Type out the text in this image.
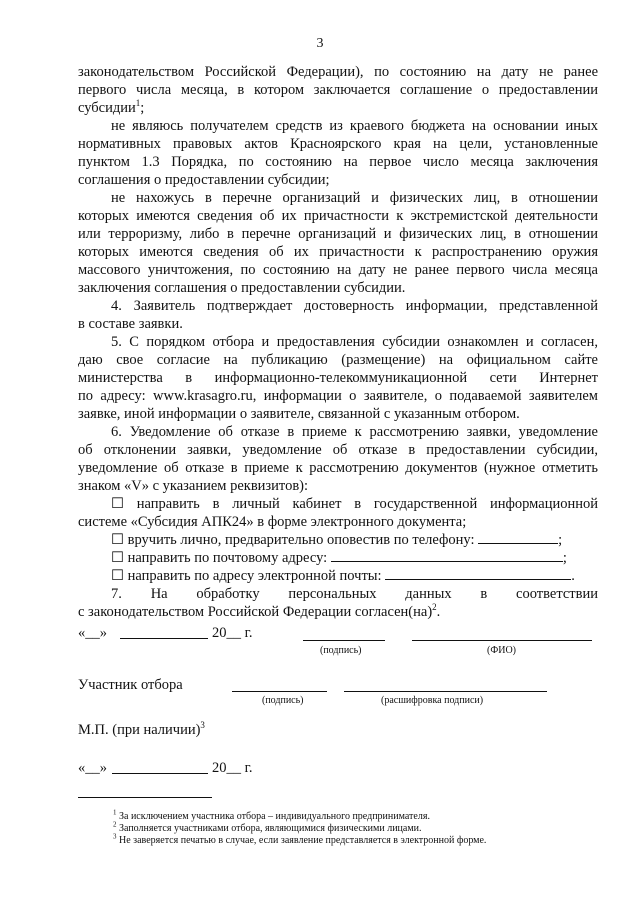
3
законодательством Российской Федерации), по состоянию на дату не ранее
первого числа месяца, в котором заключается соглашение о предоставлении
субсидии$^1$;
не являюсь получателем средств из краевого бюджета на основании иных
нормативных правовых актов Красноярского края на цели, установленные
пунктом 1.3 Порядка, по состоянию на первое число месяца заключения
соглашения о предоставлении субсидии;
не нахожусь в перечне организаций и физических лиц, в отношении
которых имеются сведения об их причастности к экстремистской деятельности
или терроризму, либо в перечне организаций и физических лиц, в отношении
которых имеются сведения об их причастности к распространению оружия
массового уничтожения, по состоянию на дату не ранее первого числа месяца
заключения соглашения о предоставлении субсидии.
4. Заявитель подтверждает достоверность информации, представленной
в составе заявки.
5. С порядком отбора и предоставления субсидии ознакомлен и согласен,
даю свое согласие на публикацию (размещение) на официальном сайте
министерства в информационно-телекоммуникационной сети Интернет
по адресу: www.krasagro.ru, информации о заявителе, о подаваемой заявителем
заявке, иной информации о заявителе, связанной с указанным отбором.
6. Уведомление об отказе в приеме к рассмотрению заявки, уведомление
об отклонении заявки, уведомление об отказе в предоставлении субсидии,
уведомление об отказе в приеме к рассмотрению документов (нужное отметить
знаком «V» с указанием реквизитов):
☐ направить в личный кабинет в государственной информационной
системе «Субсидия АПК24» в форме электронного документа;
☐ вручить лично, предварительно оповестив по телефону:	;
☐ направить по почтовому адресу:	;
☐ направить по адресу электронной почты:	.
7. На обработку персональных данных в соответствии
с законодательством Российской Федерации согласен(на)$^2$.
«__»	20__ г.
(подпись)	(ФИО)
Участник отбора
(подпись)	(расшифровка подписи)
М.П. (при наличии)$^3$
«__»	20__ г.
$^1$ За исключением участника отбора – индивидуального предпринимателя.
$^2$ Заполняется участниками отбора, являющимися физическими лицами.
$^3$ Не заверяется печатью в случае, если заявление представляется в электронной форме.
